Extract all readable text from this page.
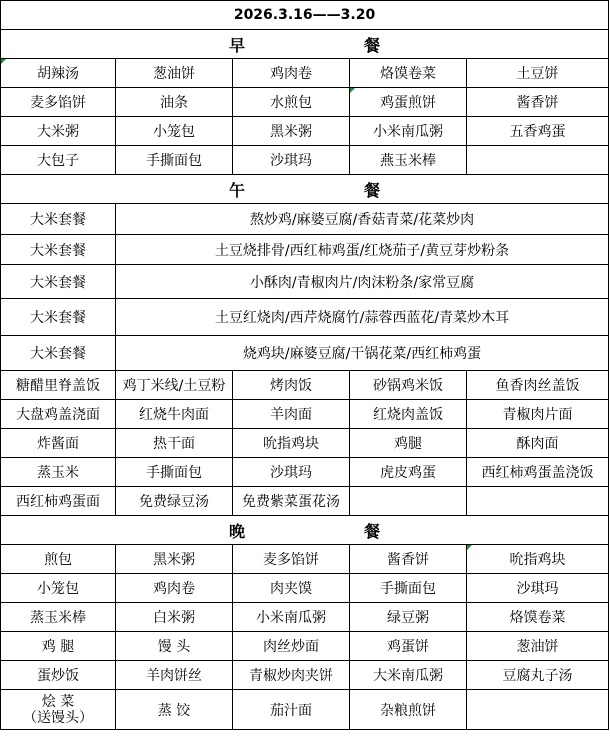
2026.3.16——3.20				
早 餐				
胡辣汤	葱油饼	鸡肉卷	烙馍卷菜	土豆饼
麦多馅饼	油条	水煎包	鸡蛋煎饼	酱香饼
大米粥	小笼包	黑米粥	小米南瓜粥	五香鸡蛋
大包子	手撕面包	沙琪玛	燕玉米棒	
午 餐				
大米套餐	熬炒鸡/麻婆豆腐/香菇青菜/花菜炒肉			
大米套餐	土豆烧排骨/西红柿鸡蛋/红烧茄子/黄豆芽炒粉条			
大米套餐	小酥肉/青椒肉片/肉沫粉条/家常豆腐			
大米套餐	土豆红烧肉/西芹烧腐竹/蒜蓉西蓝花/青菜炒木耳			
大米套餐	烧鸡块/麻婆豆腐/干锅花菜/西红柿鸡蛋			
糖醋里脊盖饭	鸡丁米线/土豆粉	烤肉饭	砂锅鸡米饭	鱼香肉丝盖饭
大盘鸡盖浇面	红烧牛肉面	羊肉面	红烧肉盖饭	青椒肉片面
炸酱面	热干面	吮指鸡块	鸡腿	酥肉面
蒸玉米	手撕面包	沙琪玛	虎皮鸡蛋	西红柿鸡蛋盖浇饭
西红柿鸡蛋面	免费绿豆汤	免费紫菜蛋花汤		
晚 餐				
煎包	黑米粥	麦多馅饼	酱香饼	吮指鸡块
小笼包	鸡肉卷	肉夹馍	手撕面包	沙琪玛
蒸玉米棒	白米粥	小米南瓜粥	绿豆粥	烙馍卷菜
鸡 腿	馒 头	肉丝炒面	鸡蛋饼	葱油饼
蛋炒饭	羊肉饼丝	青椒炒肉夹饼	大米南瓜粥	豆腐丸子汤

烩 菜
（送馒头）	蒸 饺	茄汁面	杂粮煎饼	
